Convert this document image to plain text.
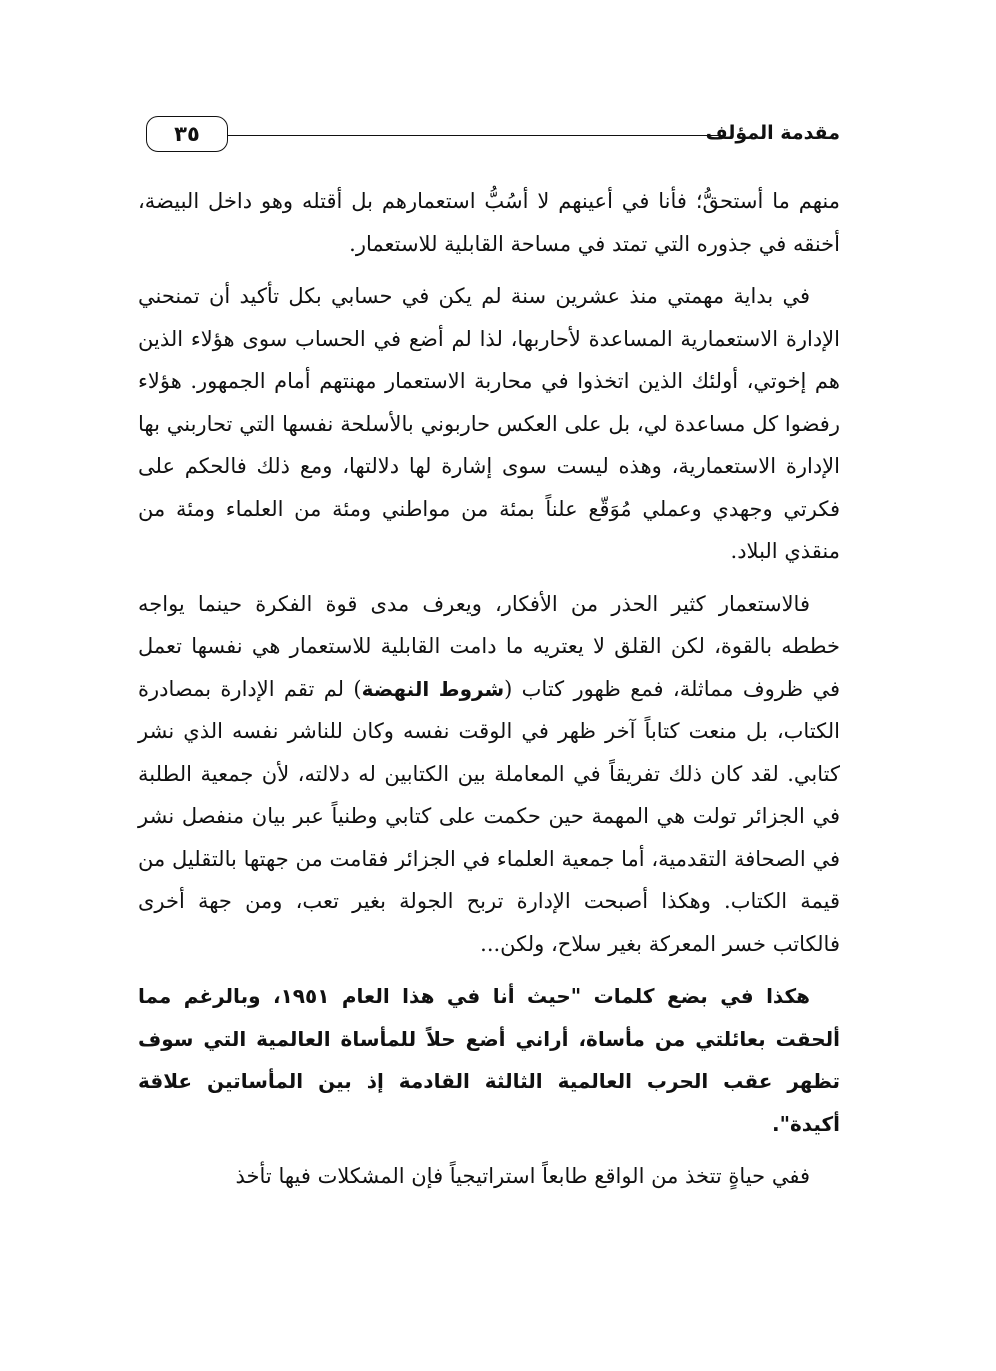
مقدمة المؤلف
٣٥

منهم ما أستحقُّ؛ فأنا في أعينهم لا أسُبُّ استعمارهم بل أقتله وهو داخل البيضة، أخنقه في جذوره التي تمتد في مساحة القابلية للاستعمار.

في بداية مهمتي منذ عشرين سنة لم يكن في حسابي بكل تأكيد أن تمنحني الإدارة الاستعمارية المساعدة لأحاربها، لذا لم أضع في الحساب سوى هؤلاء الذين هم إخوتي، أولئك الذين اتخذوا في محاربة الاستعمار مهنتهم أمام الجمهور. هؤلاء رفضوا كل مساعدة لي، بل على العكس حاربوني بالأسلحة نفسها التي تحاربني بها الإدارة الاستعمارية، وهذه ليست سوى إشارة لها دلالتها، ومع ذلك فالحكم على فكرتي وجهدي وعملي مُوَقّع علناً بمئة من مواطني ومئة من العلماء ومئة من منقذي البلاد.

فالاستعمار كثير الحذر من الأفكار، ويعرف مدى قوة الفكرة حينما يواجه خططه بالقوة، لكن القلق لا يعتريه ما دامت القابلية للاستعمار هي نفسها تعمل في ظروف مماثلة، فمع ظهور كتاب (شروط النهضة) لم تقم الإدارة بمصادرة الكتاب، بل منعت كتاباً آخر ظهر في الوقت نفسه وكان للناشر نفسه الذي نشر كتابي. لقد كان ذلك تفريقاً في المعاملة بين الكتابين له دلالته، لأن جمعية الطلبة في الجزائر تولت هي المهمة حين حكمت على كتابي وطنياً عبر بيان منفصل نشر في الصحافة التقدمية، أما جمعية العلماء في الجزائر فقامت من جهتها بالتقليل من قيمة الكتاب. وهكذا أصبحت الإدارة تربح الجولة بغير تعب، ومن جهة أخرى فالكاتب خسر المعركة بغير سلاح، ولكن...

هكذا في بضع كلمات "حيث أنا في هذا العام ١٩٥١، وبالرغم مما ألحقت بعائلتي من مأساة، أراني أضع حلاً للمأساة العالمية التي سوف تظهر عقب الحرب العالمية الثالثة القادمة إذ بين المأساتين علاقة أكيدة".

ففي حياةٍ تتخذ من الواقع طابعاً استراتيجياً فإن المشكلات فيها تأخذ
